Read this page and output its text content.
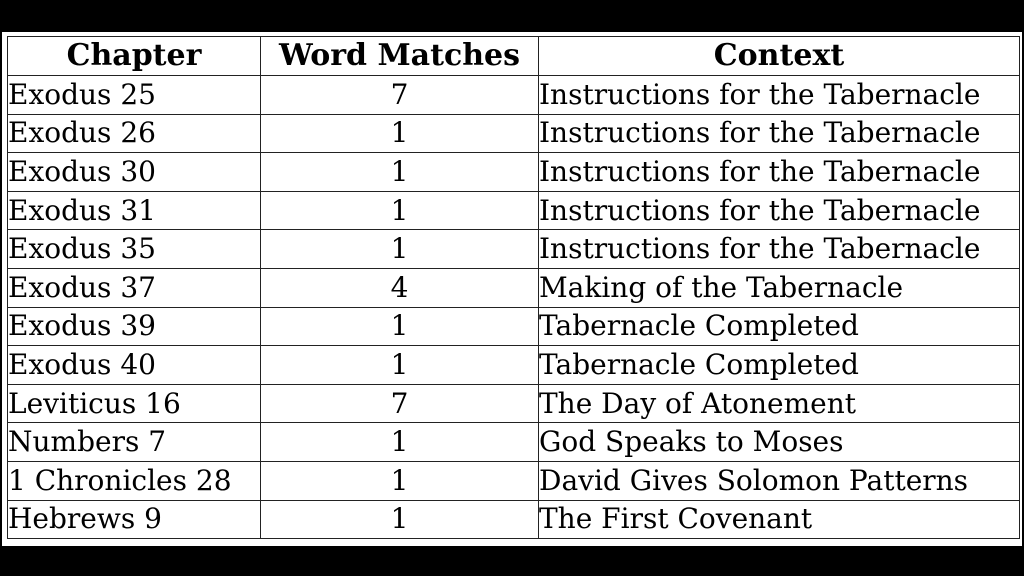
Chapter	Word Matches	Context
Exodus 25	7	Instructions for the Tabernacle
Exodus 26	1	Instructions for the Tabernacle
Exodus 30	1	Instructions for the Tabernacle
Exodus 31	1	Instructions for the Tabernacle
Exodus 35	1	Instructions for the Tabernacle
Exodus 37	4	Making of the Tabernacle
Exodus 39	1	Tabernacle Completed
Exodus 40	1	Tabernacle Completed
Leviticus 16	7	The Day of Atonement
Numbers 7	1	God Speaks to Moses
1 Chronicles 28	1	David Gives Solomon Patterns
Hebrews 9	1	The First Covenant
